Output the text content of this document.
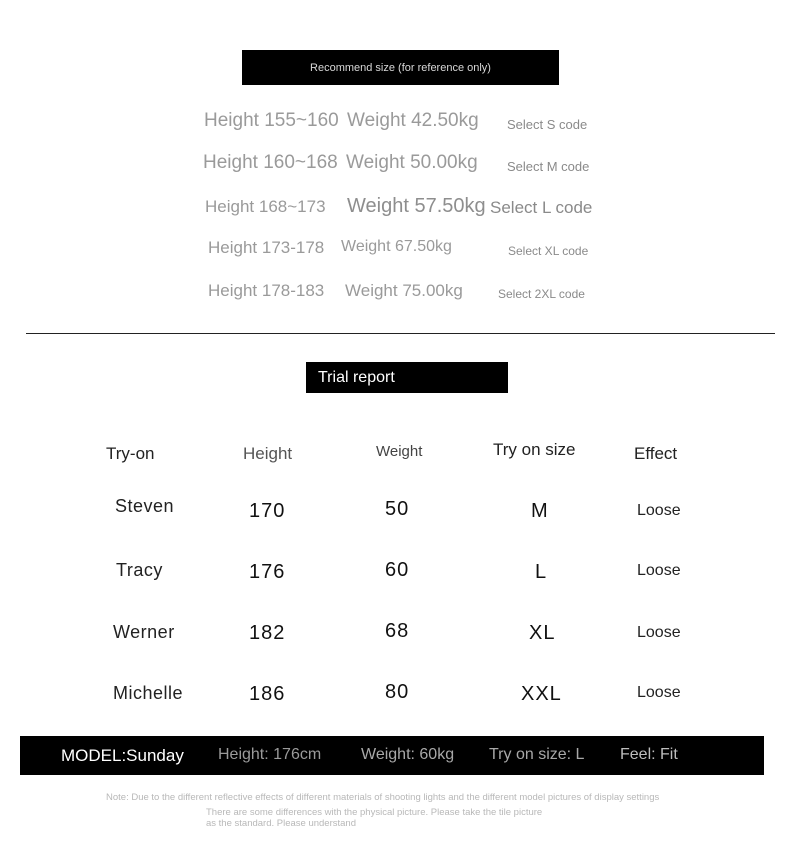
Recommend size (for reference only)
Height 155~160 Weight 42.50kg Select S code
Height 160~168 Weight 50.00kg Select M code
Height 168~173 Weight 57.50kg Select L code
Height 173-178 Weight 67.50kg	Select XL code
Height 178-183 Weight 75.00kg	Select 2XL code
Trial report
Try-on	Height	Weight	Try on size	Effect
Steven	170	50	M	Loose
Tracy	176	60	L	Loose
Werner	182	68	XL	Loose
Michelle	186	80	XXL	Loose
MODEL:Sunday Height: 176cm Weight: 60kg Try on size: L Feel: Fit
Note: Due to the different reflective effects of different materials of shooting lights and the different model pictures of display settings
There are some differences with the physical picture. Please take the tile picture
as the standard. Please understand
